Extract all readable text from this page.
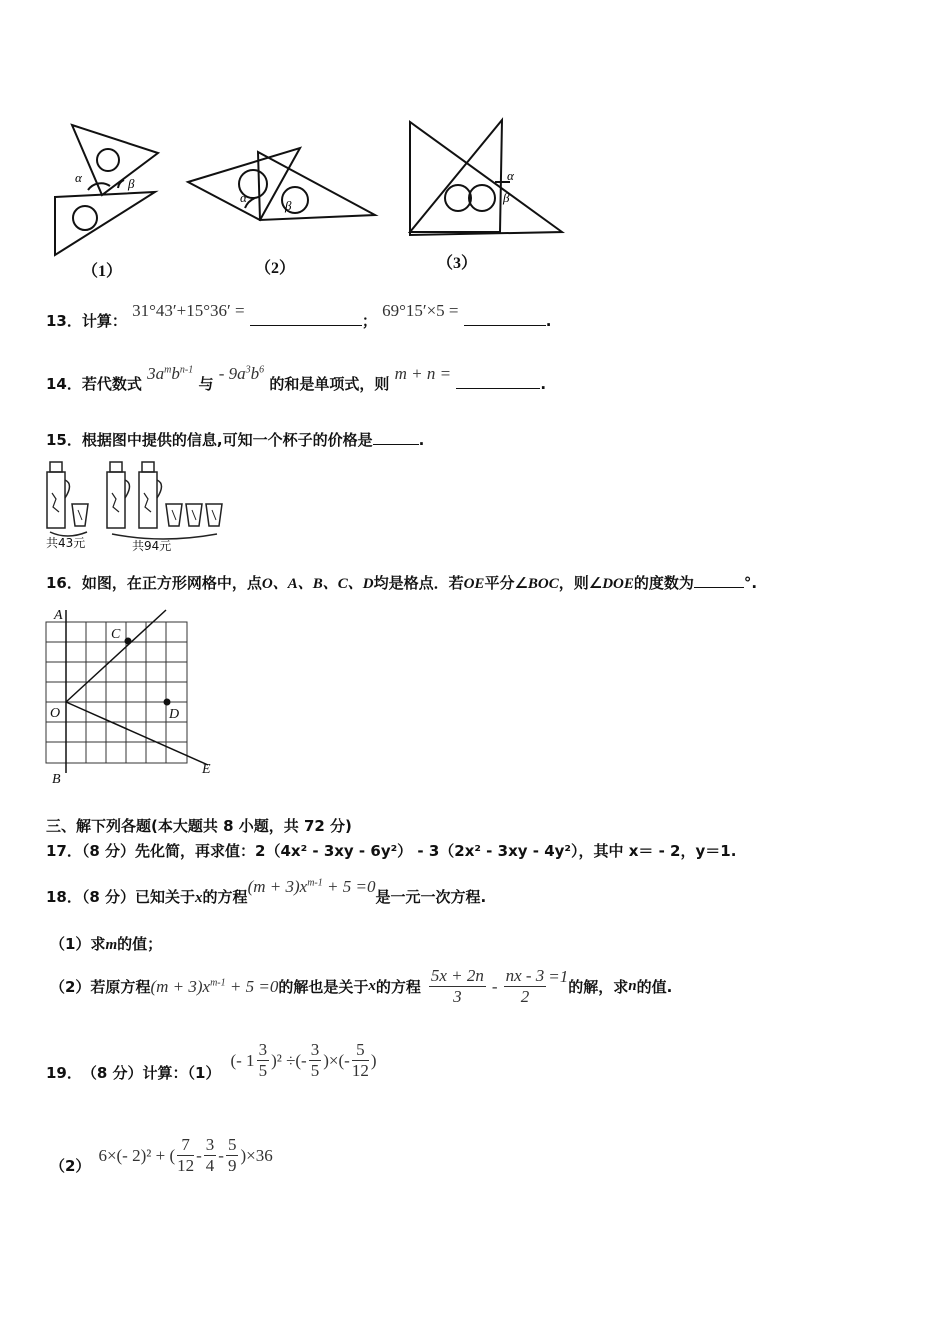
α	β
α
β
α
β
（1）	（2）	（3）
13．计算： 31°43′+15°36′ = ； 69°15′×5 = .
14．若代数式 $3a^mb^{n-1}$ 与 - $9a^3b^6$ 的和是单项式，则 m + n = .
15．根据图中提供的信息,可知一个杯子的价格是	.
共43元	共94元
16．如图，在正方形网格中，点O、A、B、C、D均是格点．若OE平分∠BOC，则∠DOE的度数为	°.
A
O
B
C
D
E
三、解下列各题(本大题共 8 小题，共 72 分)
17．（8 分）先化简，再求值：2（4x² - 3xy - 6y²） - 3（2x² - 3xy - 4y²），其中 x＝ - 2，y＝1.
18．（8 分）已知关于x的方程$(m + 3)x^{m-1} + 5 =0$是一元一次方程.
（1）求m的值；
（2）若原方程 $(m + 3)x^{m-1} + 5 =0$ 的解也是关于 x 的方程 $\frac{5x + 2n}{3} - \frac{nx - 3}{2} =1$
的解，求 n 的值.
19． （8 分）计算：（1）
(- $1 \frac{3}{5} )^2$ ÷(- $\frac{3}{5}$ )×(- $\frac{5}{12}$ )
（2）
6×(- 2)² + ( $\frac{7}{12} - \frac{3}{4} - \frac{5}{9} )\times 36$
